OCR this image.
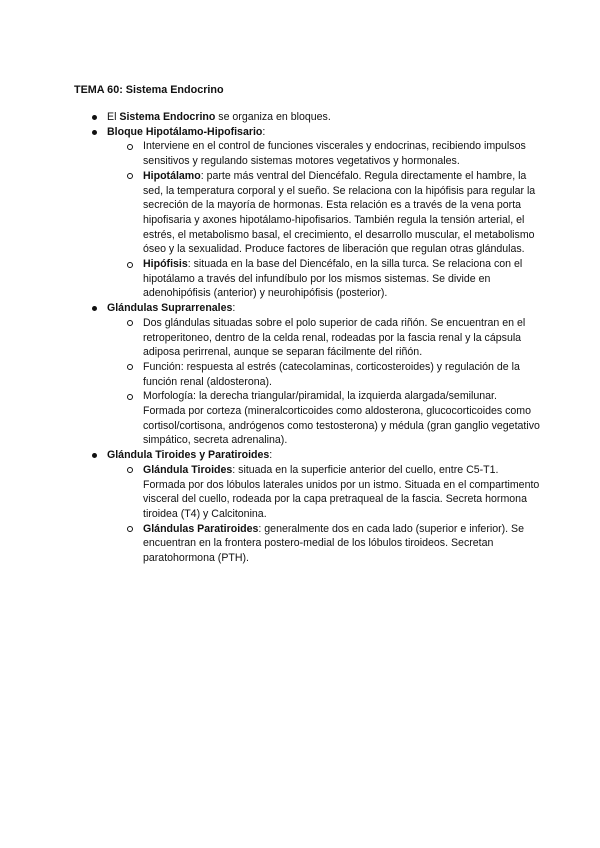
TEMA 60: Sistema Endocrino
El Sistema Endocrino se organiza en bloques.
Bloque Hipotálamo-Hipofisario:
Interviene en el control de funciones viscerales y endocrinas, recibiendo impulsos sensitivos y regulando sistemas motores vegetativos y hormonales.
Hipotálamo: parte más ventral del Diencéfalo. Regula directamente el hambre, la sed, la temperatura corporal y el sueño. Se relaciona con la hipófisis para regular la secreción de la mayoría de hormonas. Esta relación es a través de la vena porta hipofisaria y axones hipotálamo-hipofisarios. También regula la tensión arterial, el estrés, el metabolismo basal, el crecimiento, el desarrollo muscular, el metabolismo óseo y la sexualidad. Produce factores de liberación que regulan otras glándulas.
Hipófisis: situada en la base del Diencéfalo, en la silla turca. Se relaciona con el hipotálamo a través del infundíbulo por los mismos sistemas. Se divide en adenohipófisis (anterior) y neurohipófisis (posterior).
Glándulas Suprarrenales:
Dos glándulas situadas sobre el polo superior de cada riñón. Se encuentran en el retroperitoneo, dentro de la celda renal, rodeadas por la fascia renal y la cápsula adiposa perirrenal, aunque se separan fácilmente del riñón.
Función: respuesta al estrés (catecolaminas, corticosteroides) y regulación de la función renal (aldosterona).
Morfología: la derecha triangular/piramidal, la izquierda alargada/semilunar. Formada por corteza (mineralcorticoides como aldosterona, glucocorticoides como cortisol/cortisona, andrógenos como testosterona) y médula (gran ganglio vegetativo simpático, secreta adrenalina).
Glándula Tiroides y Paratiroides:
Glándula Tiroides: situada en la superficie anterior del cuello, entre C5-T1. Formada por dos lóbulos laterales unidos por un istmo. Situada en el compartimento visceral del cuello, rodeada por la capa pretraqueal de la fascia. Secreta hormona tiroidea (T4) y Calcitonina.
Glándulas Paratiroides: generalmente dos en cada lado (superior e inferior). Se encuentran en la frontera postero-medial de los lóbulos tiroideos. Secretan paratohormona (PTH).
